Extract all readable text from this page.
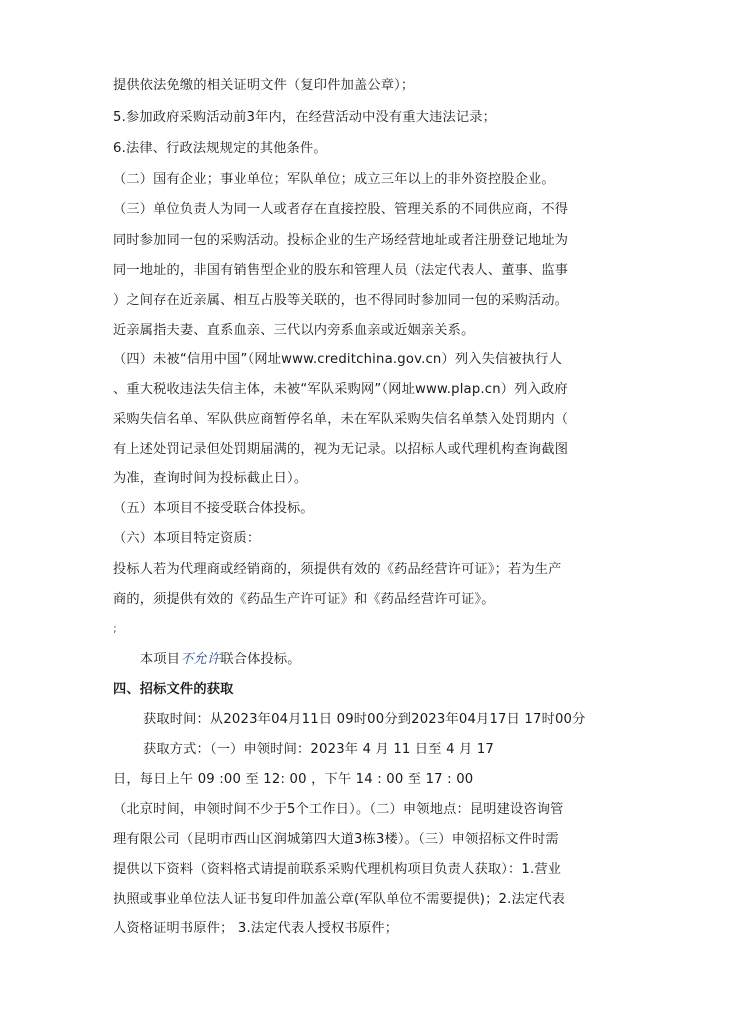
提供依法免缴的相关证明文件（复印件加盖公章）；
5.参加政府采购活动前3年内，在经营活动中没有重大违法记录；
6.法律、行政法规规定的其他条件。
（二）国有企业；事业单位；军队单位；成立三年以上的非外资控股企业。
（三）单位负责人为同一人或者存在直接控股、管理关系的不同供应商，不得
同时参加同一包的采购活动。投标企业的生产场经营地址或者注册登记地址为
同一地址的，非国有销售型企业的股东和管理人员（法定代表人、董事、监事
）之间存在近亲属、相互占股等关联的，也不得同时参加同一包的采购活动。
近亲属指夫妻、直系血亲、三代以内旁系血亲或近姻亲关系。
（四）未被“信用中国”（网址www.creditchina.gov.cn）列入失信被执行人
、重大税收违法失信主体，未被“军队采购网”（网址www.plap.cn）列入政府
采购失信名单、军队供应商暂停名单，未在军队采购失信名单禁入处罚期内（
有上述处罚记录但处罚期届满的，视为无记录。以招标人或代理机构查询截图
为准，查询时间为投标截止日）。
（五）本项目不接受联合体投标。
（六）本项目特定资质：
投标人若为代理商或经销商的，须提供有效的《药品经营许可证》；若为生产
商的，须提供有效的《药品生产许可证》和《药品经营许可证》。
;
本项目不允许联合体投标。
四、招标文件的获取
获取时间：从2023年04月11日 09时00分到2023年04月17日 17时00分
获取方式：（一）申领时间：2023年 4 月 11 日至 4 月 17
日，每日上午 09 :00 至 12: 00 ，下午 14 : 00 至 17 : 00
（北京时间，申领时间不少于5个工作日）。（二）申领地点：昆明建设咨询管
理有限公司（昆明市西山区润城第四大道3栋3楼）。（三）申领招标文件时需
提供以下资料（资料格式请提前联系采购代理机构项目负责人获取）：1.营业
执照或事业单位法人证书复印件加盖公章(军队单位不需要提供)；2.法定代表
人资格证明书原件； 3.法定代表人授权书原件；
